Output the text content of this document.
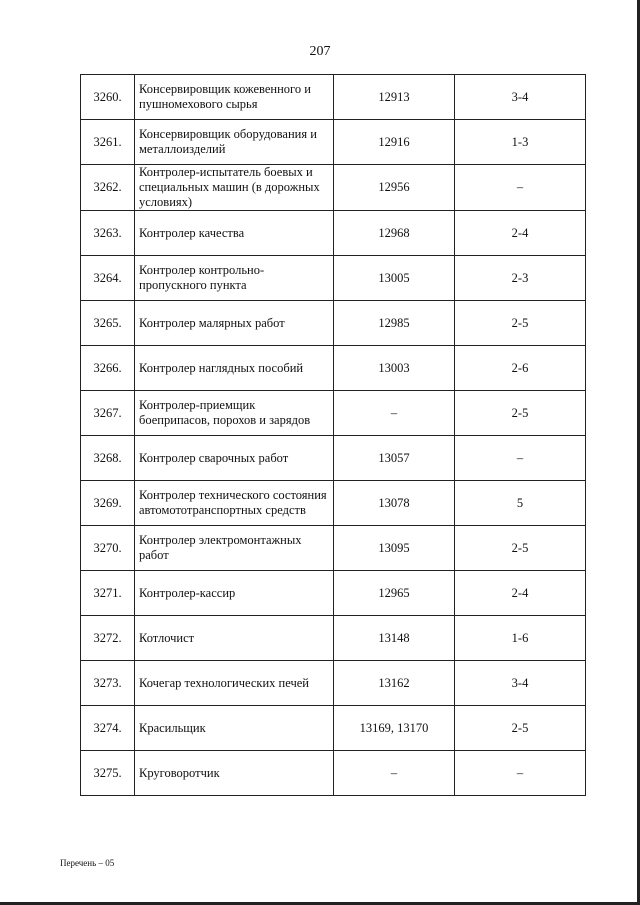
207
3260.	Консервировщик кожевенного и пушномехового сырья	12913	3-4
3261.	Консервировщик оборудования и металлоизделий	12916	1-3
3262.	Контролер-испытатель боевых и специальных машин (в дорожных условиях)	12956	–
3263.	Контролер качества	12968	2-4
3264.	Контролер контрольно-пропускного пункта	13005	2-3
3265.	Контролер малярных работ	12985	2-5
3266.	Контролер наглядных пособий	13003	2-6
3267.	Контролер-приемщик боеприпасов, порохов и зарядов	–	2-5
3268.	Контролер сварочных работ	13057	–
3269.	Контролер технического состояния автомототранспортных средств	13078	5
3270.	Контролер электромонтажных работ	13095	2-5
3271.	Контролер-кассир	12965	2-4
3272.	Котлочист	13148	1-6
3273.	Кочегар технологических печей	13162	3-4
3274.	Красильщик	13169, 13170	2-5
3275.	Круговоротчик	–	–
Перечень – 05
